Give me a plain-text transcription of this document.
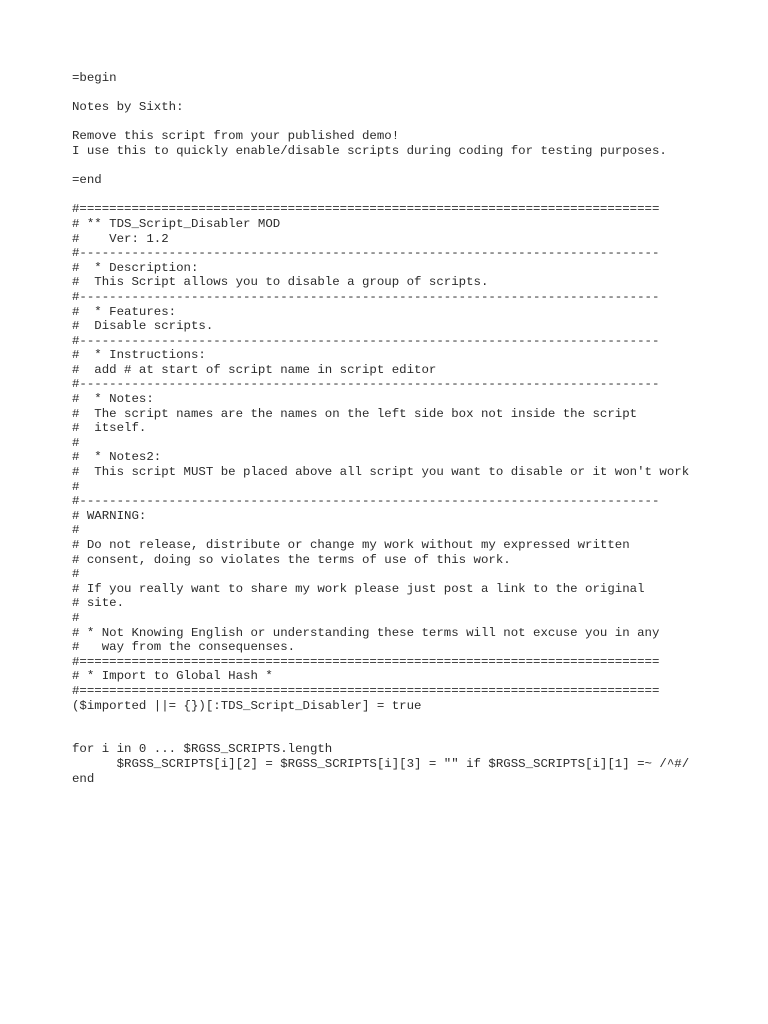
=begin
Notes by Sixth:
Remove this script from your published demo!
I use this to quickly enable/disable scripts during coding for testing purposes.
=end
#==============================================================================
# ** TDS_Script_Disabler MOD
#    Ver: 1.2
#------------------------------------------------------------------------------
#  * Description:
#  This Script allows you to disable a group of scripts.
#------------------------------------------------------------------------------
#  * Features:
#  Disable scripts.
#------------------------------------------------------------------------------
#  * Instructions:
#  add # at start of script name in script editor
#------------------------------------------------------------------------------
#  * Notes:
#  The script names are the names on the left side box not inside the script
#  itself.
#
#  * Notes2:
#  This script MUST be placed above all script you want to disable or it won't work
#
#------------------------------------------------------------------------------
# WARNING:
#
# Do not release, distribute or change my work without my expressed written
# consent, doing so violates the terms of use of this work.
#
# If you really want to share my work please just post a link to the original
# site.
#
# * Not Knowing English or understanding these terms will not excuse you in any
#   way from the consequenses.
#==============================================================================
# * Import to Global Hash *
#==============================================================================
($imported ||= {})[:TDS_Script_Disabler] = true
for i in 0 ... $RGSS_SCRIPTS.length
$RGSS_SCRIPTS[i][2] = $RGSS_SCRIPTS[i][3] = "" if $RGSS_SCRIPTS[i][1] =~ /^#/
end
